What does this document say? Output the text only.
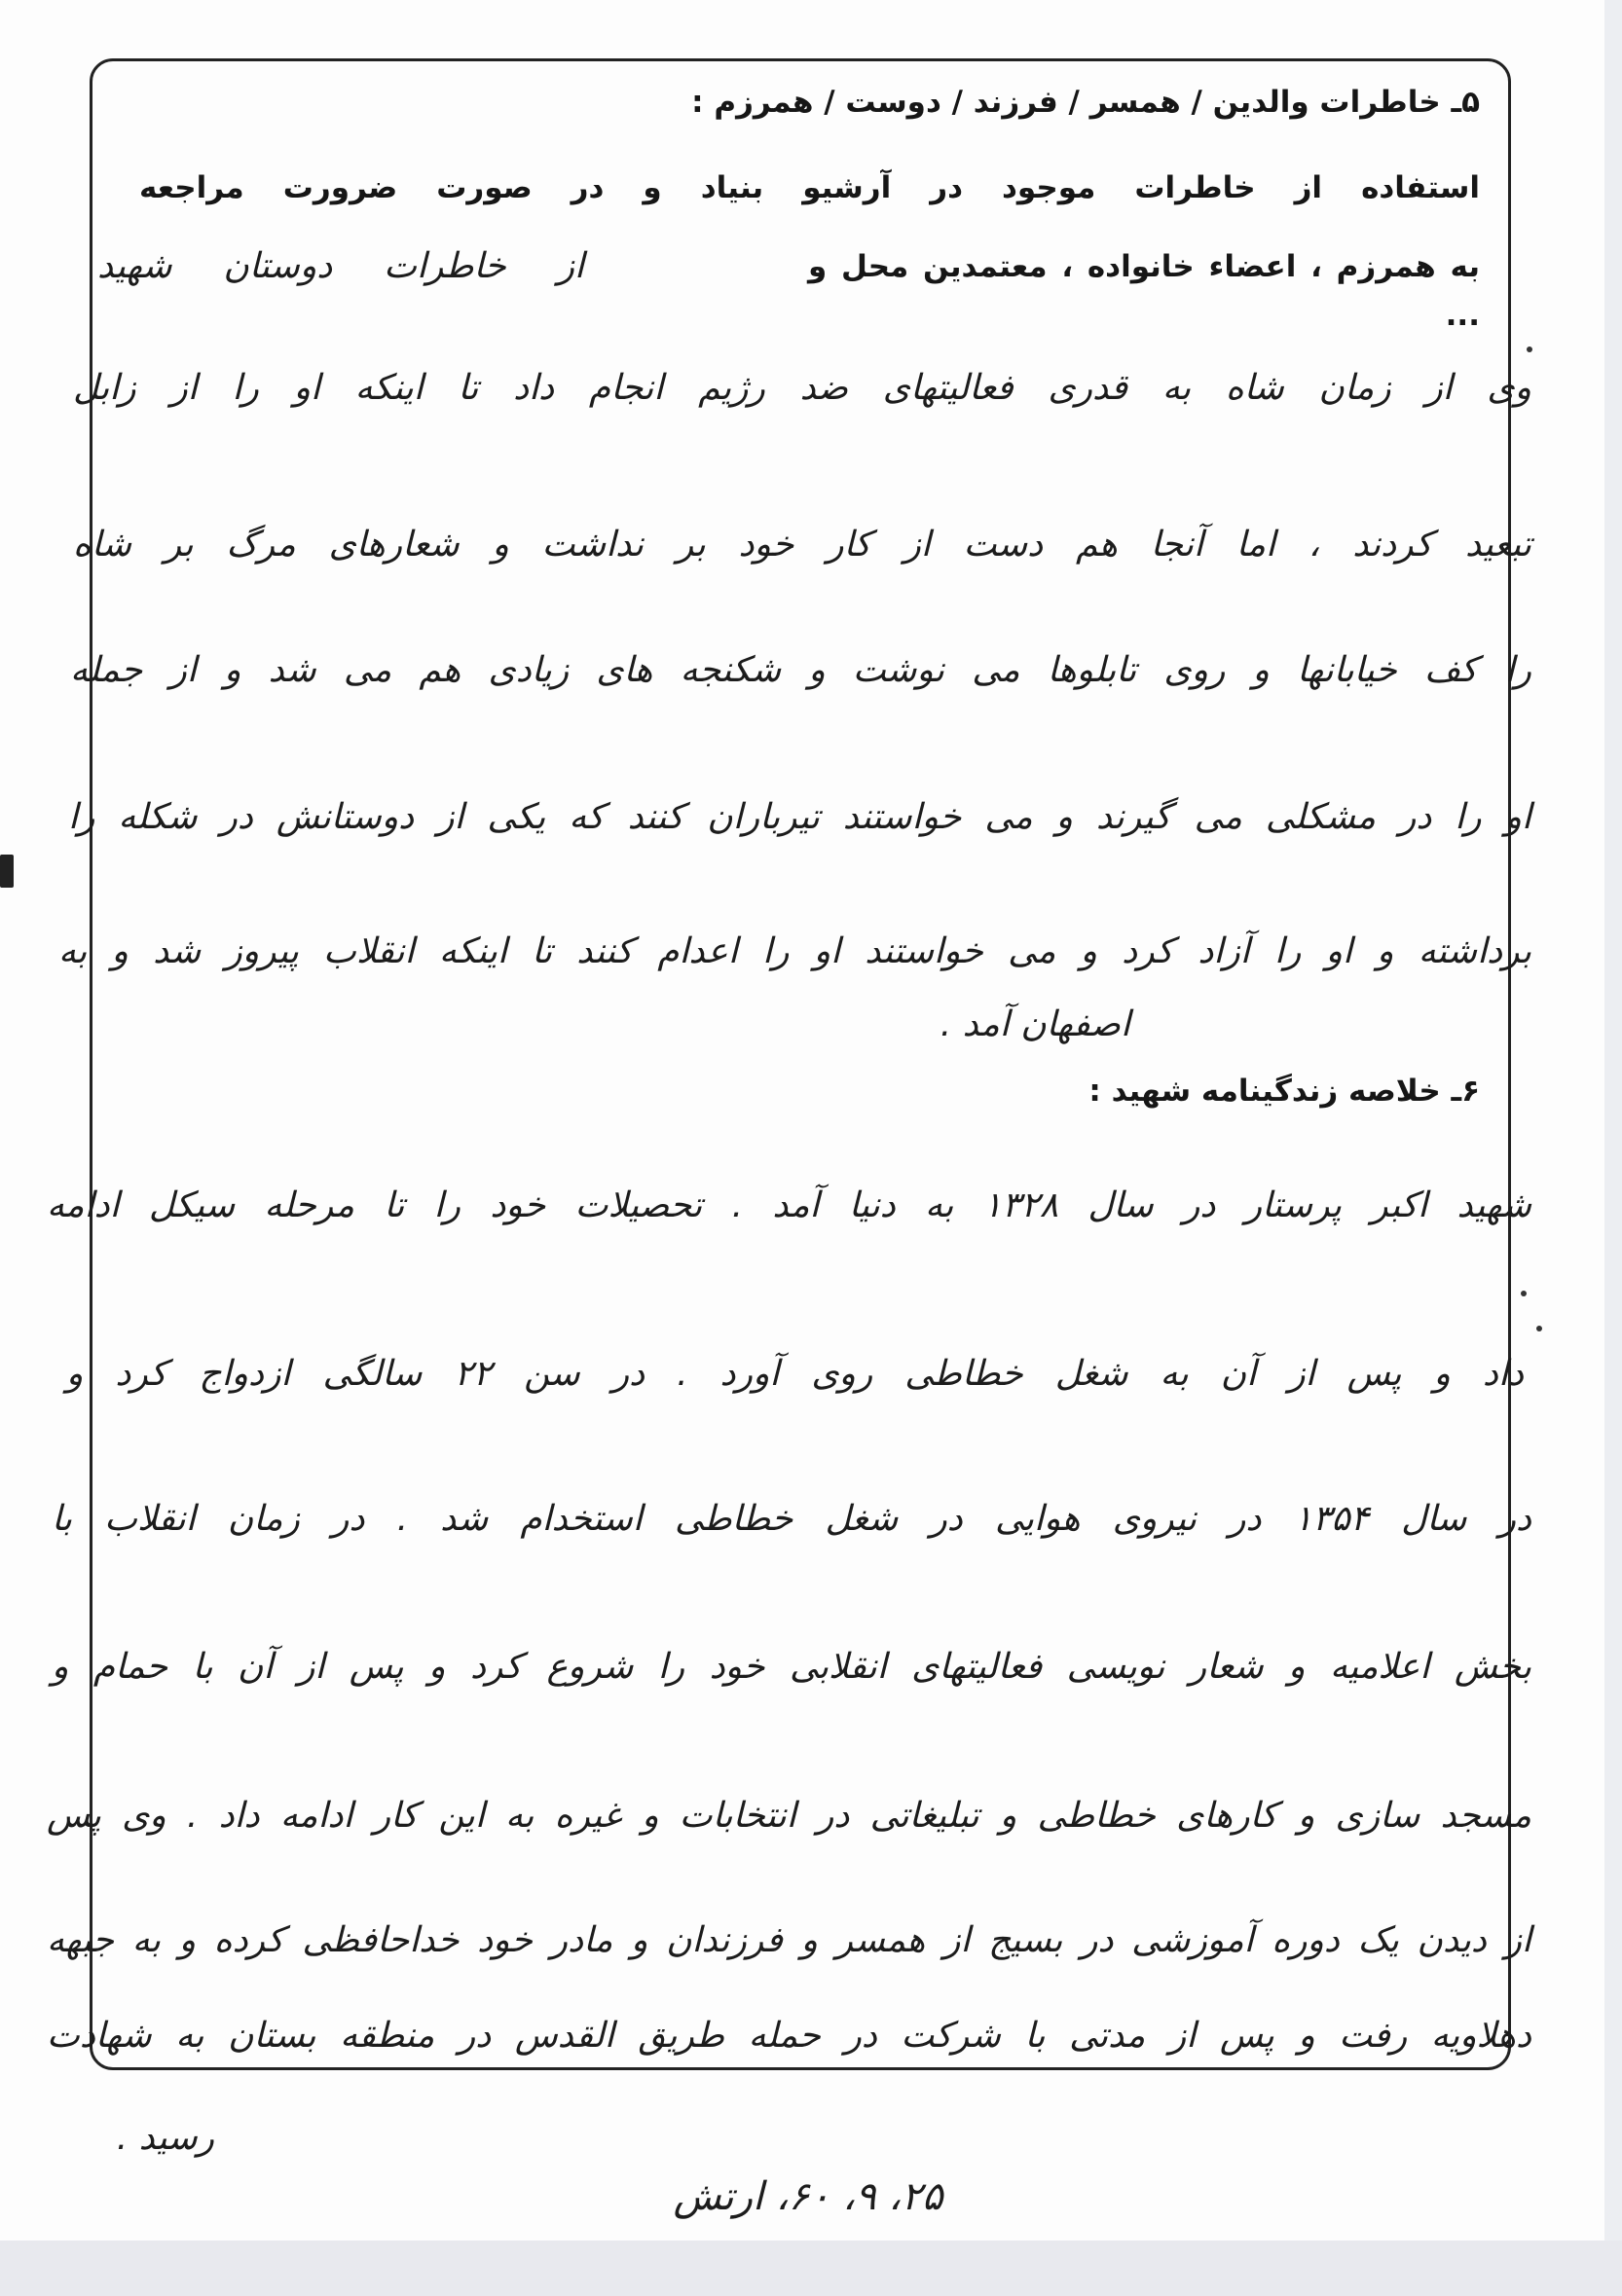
۵ـ خاطرات والدین / همسر / فرزند / دوست / همرزم :
استفاده از خاطرات موجود در آرشیو بنیاد و در صورت ضرورت مراجعه
به همرزم ، اعضاء خانواده ، معتمدین محل و ...
از خاطرات دوستان شهید
وی از زمان شاه به قدری فعالیتهای ضد رژیم انجام داد تا اینکه او را از زابل
تبعید کردند ، اما آنجا هم دست از کار خود بر نداشت و شعارهای مرگ بر شاه
را کف خیابانها و روی تابلوها می نوشت و شکنجه های زیادی هم می شد و از جمله
او را در مشکلی می گیرند و می خواستند تیرباران کنند که یکی از دوستانش در شکله را
برداشته و او را آزاد کرد و می خواستند او را اعدام کنند تا اینکه انقلاب پیروز شد و به
اصفهان آمد .
۶ـ خلاصه زندگینامه شهید :
شهید اکبر پرستار در سال ۱۳۲۸ به دنیا آمد . تحصیلات خود را تا مرحله سیکل ادامه
داد و پس از آن به شغل خطاطی روی آورد . در سن ۲۲ سالگی ازدواج کرد و
در سال ۱۳۵۴ در نیروی هوایی در شغل خطاطی استخدام شد . در زمان انقلاب با
بخش اعلامیه و شعار نویسی فعالیتهای انقلابی خود را شروع کرد و پس از آن با حمام و
مسجد سازی و کارهای خطاطی و تبلیغاتی در انتخابات و غیره به این کار ادامه داد . وی پس
از دیدن یک دوره آموزشی در بسیج از همسر و فرزندان و مادر خود خداحافظی کرده و به جبهه
دهلاویه رفت و پس از مدتی با شرکت در حمله طریق القدس در منطقه بستان به شهادت
رسید .
۲۵، ۹، ۶۰، ارتش
